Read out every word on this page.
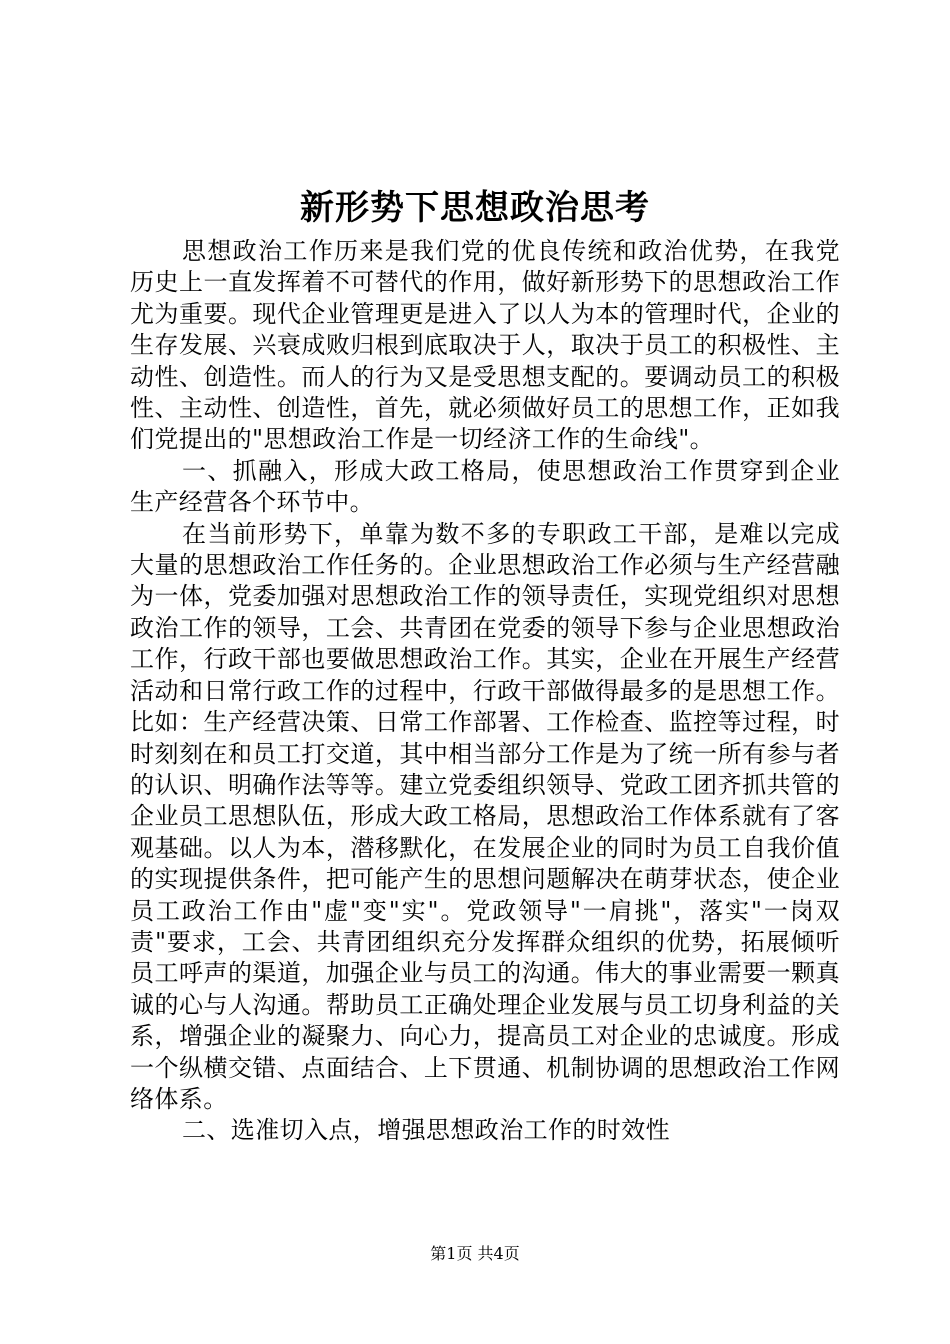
新形势下思想政治思考

思想政治工作历来是我们党的优良传统和政治优势，在我党历史上一直发挥着不可替代的作用，做好新形势下的思想政治工作尤为重要。现代企业管理更是进入了以人为本的管理时代，企业的生存发展、兴衰成败归根到底取决于人，取决于员工的积极性、主动性、创造性。而人的行为又是受思想支配的。要调动员工的积极性、主动性、创造性，首先，就必须做好员工的思想工作，正如我们党提出的"思想政治工作是一切经济工作的生命线"。

一、抓融入，形成大政工格局，使思想政治工作贯穿到企业生产经营各个环节中。

在当前形势下，单靠为数不多的专职政工干部，是难以完成大量的思想政治工作任务的。企业思想政治工作必须与生产经营融为一体，党委加强对思想政治工作的领导责任，实现党组织对思想政治工作的领导，工会、共青团在党委的领导下参与企业思想政治工作，行政干部也要做思想政治工作。其实，企业在开展生产经营活动和日常行政工作的过程中，行政干部做得最多的是思想工作。比如：生产经营决策、日常工作部署、工作检查、监控等过程，时时刻刻在和员工打交道，其中相当部分工作是为了统一所有参与者的认识、明确作法等等。建立党委组织领导、党政工团齐抓共管的企业员工思想队伍，形成大政工格局，思想政治工作体系就有了客观基础。以人为本，潜移默化，在发展企业的同时为员工自我价值的实现提供条件，把可能产生的思想问题解决在萌芽状态，使企业员工政治工作由"虚"变"实"。党政领导"一肩挑"，落实"一岗双责"要求，工会、共青团组织充分发挥群众组织的优势，拓展倾听员工呼声的渠道，加强企业与员工的沟通。伟大的事业需要一颗真诚的心与人沟通。帮助员工正确处理企业发展与员工切身利益的关系，增强企业的凝聚力、向心力，提高员工对企业的忠诚度。形成一个纵横交错、点面结合、上下贯通、机制协调的思想政治工作网络体系。

二、选准切入点，增强思想政治工作的时效性

第1页 共4页
